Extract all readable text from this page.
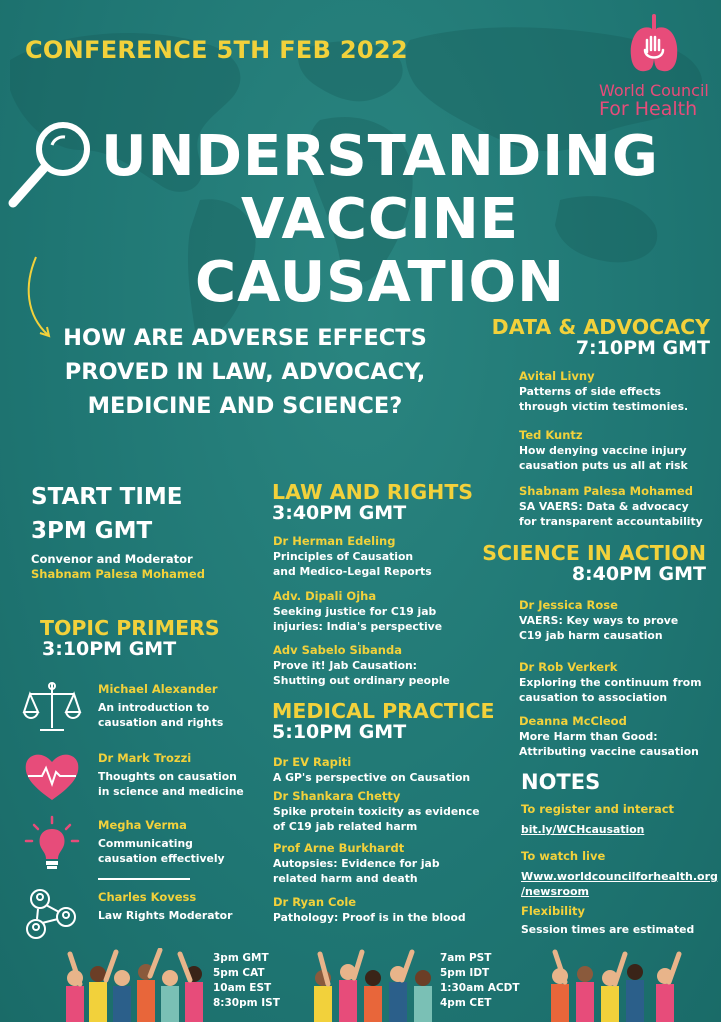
CONFERENCE 5TH FEB 2022
World Council
For Health
UNDERSTANDING
VACCINE CAUSATION
HOW ARE ADVERSE EFFECTS
PROVED IN LAW, ADVOCACY,
MEDICINE AND SCIENCE?
DATA & ADVOCACY
7:10PM GMT
Avital Livny
Patterns of side effects
through victim testimonies.
Ted Kuntz
How denying vaccine injury
causation puts us all at risk
Shabnam Palesa Mohamed
SA VAERS: Data & advocacy
for transparent accountability
START TIME
3PM GMT
Convenor and Moderator
Shabnam Palesa Mohamed
TOPIC PRIMERS
3:10PM GMT
Michael Alexander
An introduction to
causation and rights
Dr Mark Trozzi
Thoughts on causation
in science and medicine
Megha Verma
Communicating
causation effectively
Charles Kovess
Law Rights Moderator
LAW AND RIGHTS
3:40PM GMT
Dr Herman Edeling
Principles of Causation
and Medico-Legal Reports
Adv. Dipali Ojha
Seeking justice for C19 jab
injuries: India's perspective
Adv Sabelo Sibanda
Prove it! Jab Causation:
Shutting out ordinary people
MEDICAL PRACTICE
5:10PM GMT
Dr EV Rapiti
A GP's perspective on Causation
Dr Shankara Chetty
Spike protein toxicity as evidence
of C19 jab related harm
Prof Arne Burkhardt
Autopsies: Evidence for jab
related harm and death
Dr Ryan Cole
Pathology: Proof is in the blood
SCIENCE IN ACTION
8:40PM GMT
Dr Jessica Rose
VAERS: Key ways to prove
C19 jab harm causation
Dr Rob Verkerk
Exploring the continuum from
causation to association
Deanna McCleod
More Harm than Good:
Attributing vaccine causation
NOTES
To register and interact
bit.ly/WCHcausation
To watch live
Www.worldcouncilforhealth.org
/newsroom
Flexibility
Session times are estimated
3pm GMT
5pm CAT
10am EST
8:30pm IST
7am PST
5pm IDT
1:30am ACDT
4pm CET
